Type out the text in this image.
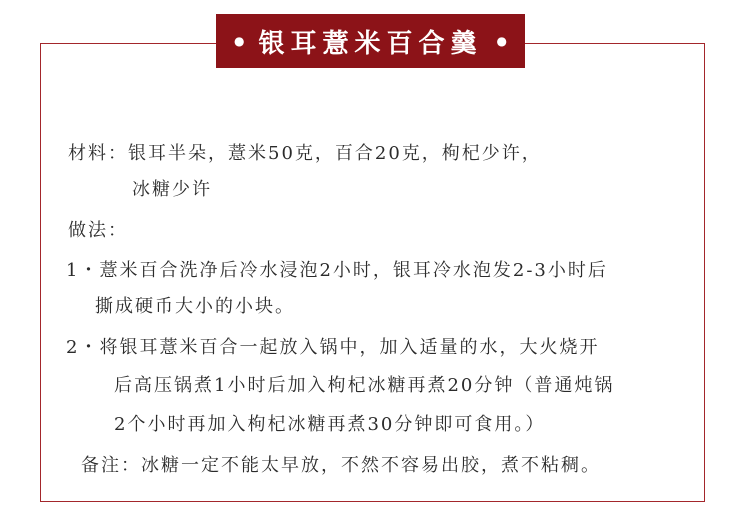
● 银耳薏米百合羹 ●
材料：银耳半朵，薏米50克，百合20克，枸杞少许，
冰糖少许
做法：
1・薏米百合洗净后冷水浸泡2小时，银耳冷水泡发2-3小时后
撕成硬币大小的小块。
2・将银耳薏米百合一起放入锅中，加入适量的水，大火烧开
后高压锅煮1小时后加入枸杞冰糖再煮20分钟（普通炖锅
2个小时再加入枸杞冰糖再煮30分钟即可食用。）
备注：冰糖一定不能太早放，不然不容易出胶，煮不粘稠。
